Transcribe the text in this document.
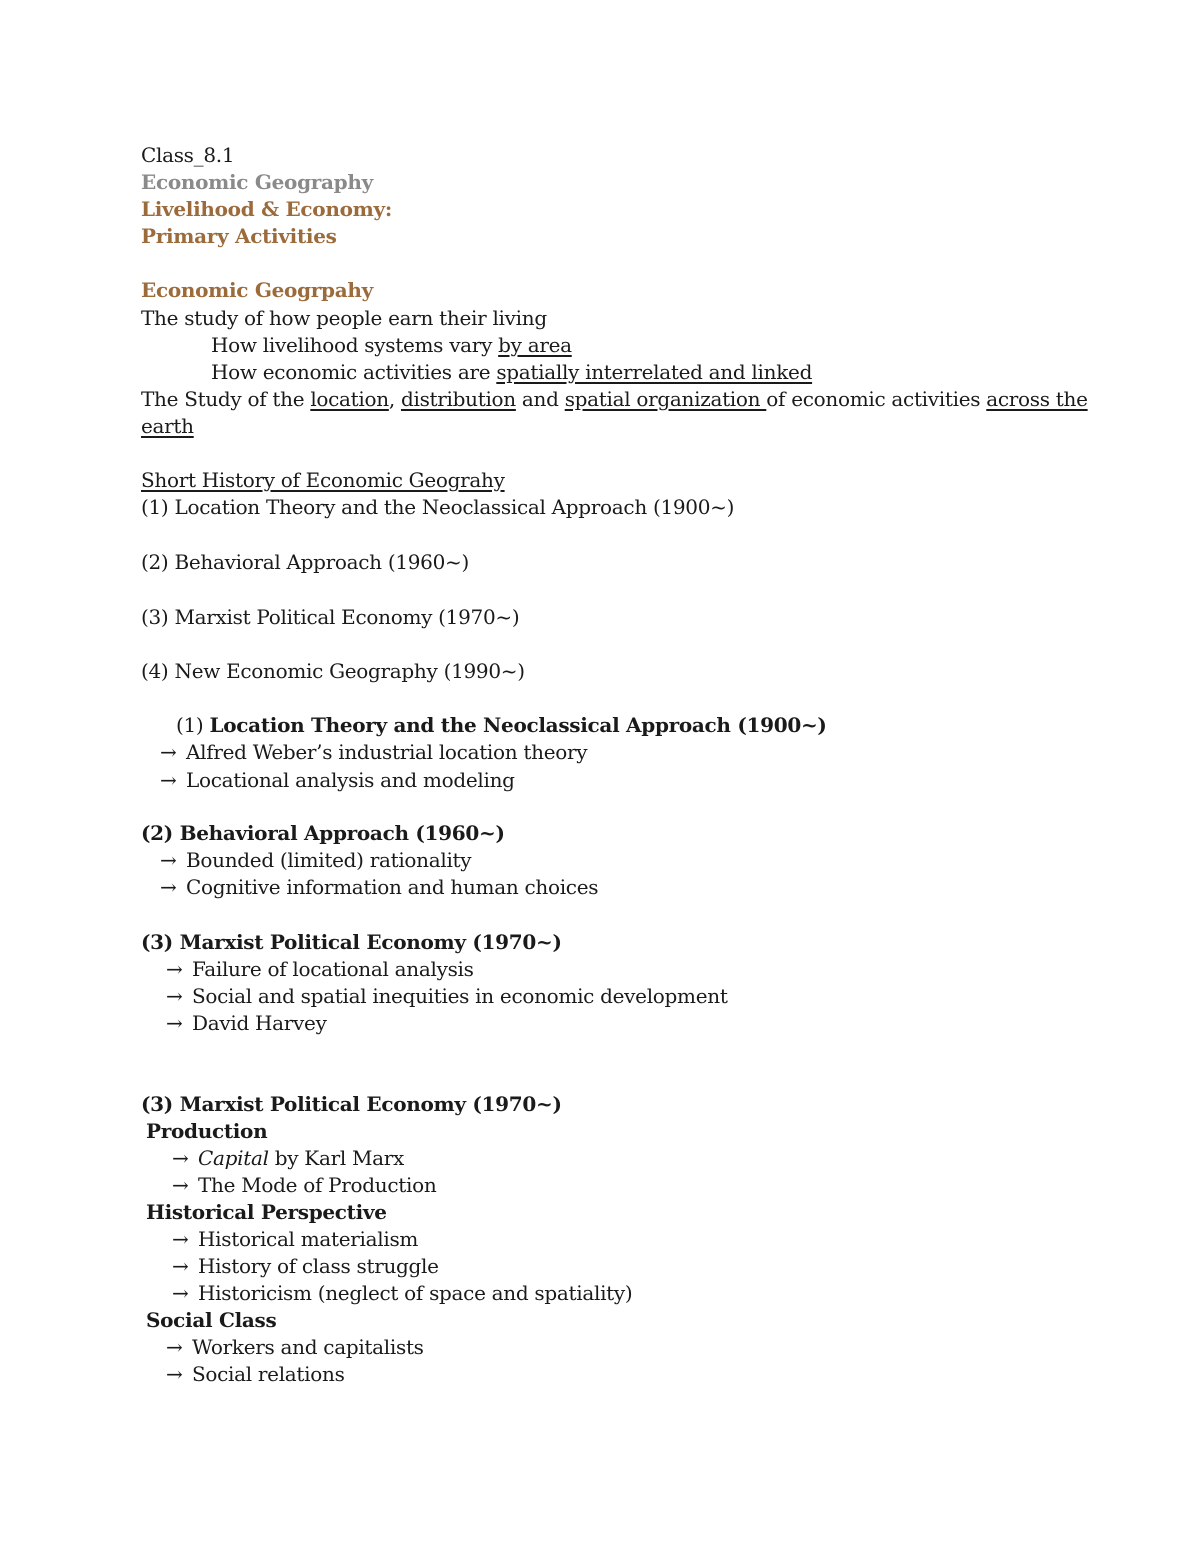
Class_8.1
Economic Geography
Livelihood & Economy:
Primary Activities
Economic Geogrpahy
The study of how people earn their living
How livelihood systems vary by area
How economic activities are spatially interrelated and linked
The Study of the location, distribution and spatial organization of economic activities across the
earth
Short History of Economic Geograhy
(1) Location Theory and the Neoclassical Approach (1900~)
(2) Behavioral Approach (1960~)
(3) Marxist Political Economy (1970~)
(4) New Economic Geography (1990~)
(1) Location Theory and the Neoclassical Approach (1900~)
→ Alfred Weber’s industrial location theory
→ Locational analysis and modeling
(2) Behavioral Approach (1960~)
→ Bounded (limited) rationality
→ Cognitive information and human choices
(3) Marxist Political Economy (1970~)
→ Failure of locational analysis
→ Social and spatial inequities in economic development
→ David Harvey
(3) Marxist Political Economy (1970~)
Production
→ Capital by Karl Marx
→ The Mode of Production
Historical Perspective
→ Historical materialism
→ History of class struggle
→ Historicism (neglect of space and spatiality)
Social Class
→ Workers and capitalists
→ Social relations
